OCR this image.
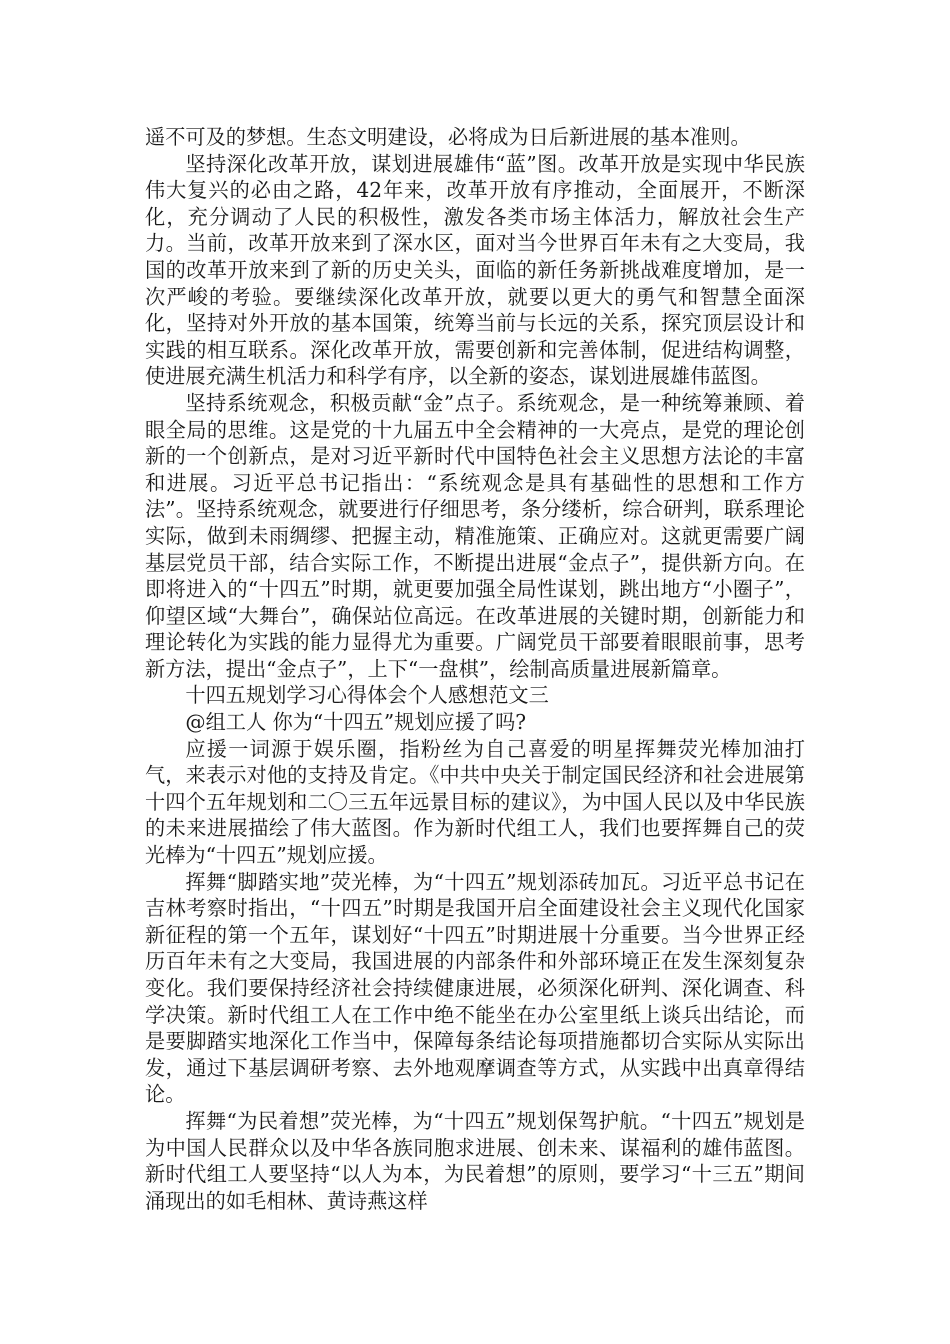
遥不可及的梦想。生态文明建设，必将成为日后新进展的基本准则。

坚持深化改革开放，谋划进展雄伟“蓝”图。改革开放是实现中华民族伟大复兴的必由之路，42年来，改革开放有序推动，全面展开，不断深化，充分调动了人民的积极性，激发各类市场主体活力，解放社会生产力。当前，改革开放来到了深水区，面对当今世界百年未有之大变局，我国的改革开放来到了新的历史关头，面临的新任务新挑战难度增加，是一次严峻的考验。要继续深化改革开放，就要以更大的勇气和智慧全面深化，坚持对外开放的基本国策，统筹当前与长远的关系，探究顶层设计和实践的相互联系。深化改革开放，需要创新和完善体制，促进结构调整，使进展充满生机活力和科学有序，以全新的姿态，谋划进展雄伟蓝图。

坚持系统观念，积极贡献“金”点子。系统观念，是一种统筹兼顾、着眼全局的思维。这是党的十九届五中全会精神的一大亮点，是党的理论创新的一个创新点，是对习近平新时代中国特色社会主义思想方法论的丰富和进展。习近平总书记指出：“系统观念是具有基础性的思想和工作方法”。坚持系统观念，就要进行仔细思考，条分缕析，综合研判，联系理论实际，做到未雨绸缪、把握主动，精准施策、正确应对。这就更需要广阔基层党员干部，结合实际工作，不断提出进展“金点子”，提供新方向。在即将进入的“十四五”时期，就更要加强全局性谋划，跳出地方“小圈子”，仰望区域“大舞台”，确保站位高远。在改革进展的关键时期，创新能力和理论转化为实践的能力显得尤为重要。广阔党员干部要着眼眼前事，思考新方法，提出“金点子”，上下“一盘棋”，绘制高质量进展新篇章。

十四五规划学习心得体会个人感想范文三

@组工人 你为“十四五”规划应援了吗?

应援一词源于娱乐圈，指粉丝为自己喜爱的明星挥舞荧光棒加油打气，来表示对他的支持及肯定。《中共中央关于制定国民经济和社会进展第十四个五年规划和二〇三五年远景目标的建议》，为中国人民以及中华民族的未来进展描绘了伟大蓝图。作为新时代组工人，我们也要挥舞自己的荧光棒为“十四五”规划应援。

挥舞“脚踏实地”荧光棒，为“十四五”规划添砖加瓦。习近平总书记在吉林考察时指出，“十四五”时期是我国开启全面建设社会主义现代化国家新征程的第一个五年，谋划好“十四五”时期进展十分重要。当今世界正经历百年未有之大变局，我国进展的内部条件和外部环境正在发生深刻复杂变化。我们要保持经济社会持续健康进展，必须深化研判、深化调查、科学决策。新时代组工人在工作中绝不能坐在办公室里纸上谈兵出结论，而是要脚踏实地深化工作当中，保障每条结论每项措施都切合实际从实际出发，通过下基层调研考察、去外地观摩调查等方式，从实践中出真章得结论。

挥舞“为民着想”荧光棒，为“十四五”规划保驾护航。“十四五”规划是为中国人民群众以及中华各族同胞求进展、创未来、谋福利的雄伟蓝图。新时代组工人要坚持“以人为本，为民着想”的原则，要学习“十三五”期间涌现出的如毛相林、黄诗燕这样
